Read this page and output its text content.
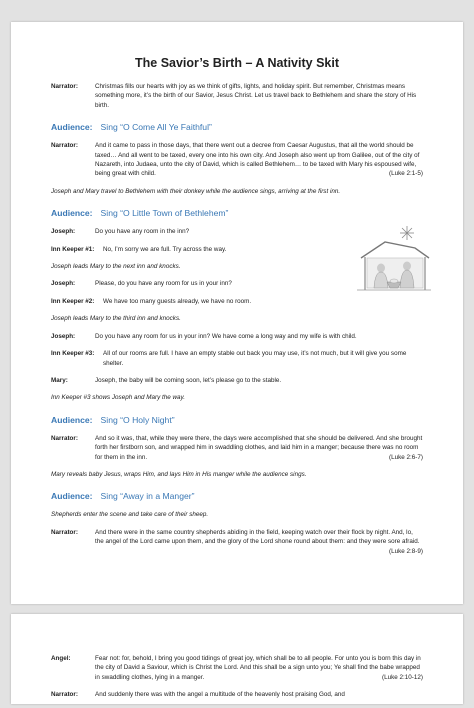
The Savior’s Birth – A Nativity Skit
Narrator:	Christmas fills our hearts with joy as we think of gifts, lights, and holiday spirit. But remember, Christmas means something more, it’s the birth of our Savior, Jesus Christ. Let us travel back to Bethlehem and share the story of His birth.
Audience: Sing “O Come All Ye Faithful”
Narrator:	And it came to pass in those days, that there went out a decree from Caesar Augustus, that all the world should be taxed… And all went to be taxed, every one into his own city. And Joseph also went up from Galilee, out of the city of Nazareth, into Judaea, unto the city of David, which is called Bethlehem… to be taxed with Mary his espoused wife, being great with child.	(Luke 2:1-5)
Joseph and Mary travel to Bethlehem with their donkey while the audience sings, arriving at the first inn.
Audience: Sing “O Little Town of Bethlehem”
Joseph:	Do you have any room in the inn?
Inn Keeper #1:	No, I’m sorry we are full. Try across the way.
Joseph leads Mary to the next inn and knocks.
Joseph:	Please, do you have any room for us in your inn?
Inn Keeper #2:	We have too many guests already, we have no room.
Joseph leads Mary to the third inn and knocks.
Joseph:	Do you have any room for us in your inn? We have come a long way and my wife is with child.
Inn Keeper #3:	All of our rooms are full. I have an empty stable out back you may use, it’s not much, but it will give you some shelter.
Mary:	Joseph, the baby will be coming soon, let’s please go to the stable.
Inn Keeper #3 shows Joseph and Mary the way.
Audience: Sing “O Holy Night”
Narrator:	And so it was, that, while they were there, the days were accomplished that she should be delivered. And she brought forth her firstborn son, and wrapped him in swaddling clothes, and laid him in a manger; because there was no room for them in the inn.	(Luke 2:6-7)
Mary reveals baby Jesus, wraps Him, and lays Him in His manger while the audience sings.
Audience: Sing “Away in a Manger”
Shepherds enter the scene and take care of their sheep.
Narrator:	And there were in the same country shepherds abiding in the field, keeping watch over their flock by night. And, lo, the angel of the Lord came upon them, and the glory of the Lord shone round about them: and they were sore afraid.
(Luke 2:8-9)
Angel:	Fear not: for, behold, I bring you good tidings of great joy, which shall be to all people. For unto you is born this day in the city of David a Saviour, which is Christ the Lord. And this shall be a sign unto you; Ye shall find the babe wrapped in swaddling clothes, lying in a manger.	(Luke 2:10-12)
Narrator:	And suddenly there was with the angel a multitude of the heavenly host praising God, and
